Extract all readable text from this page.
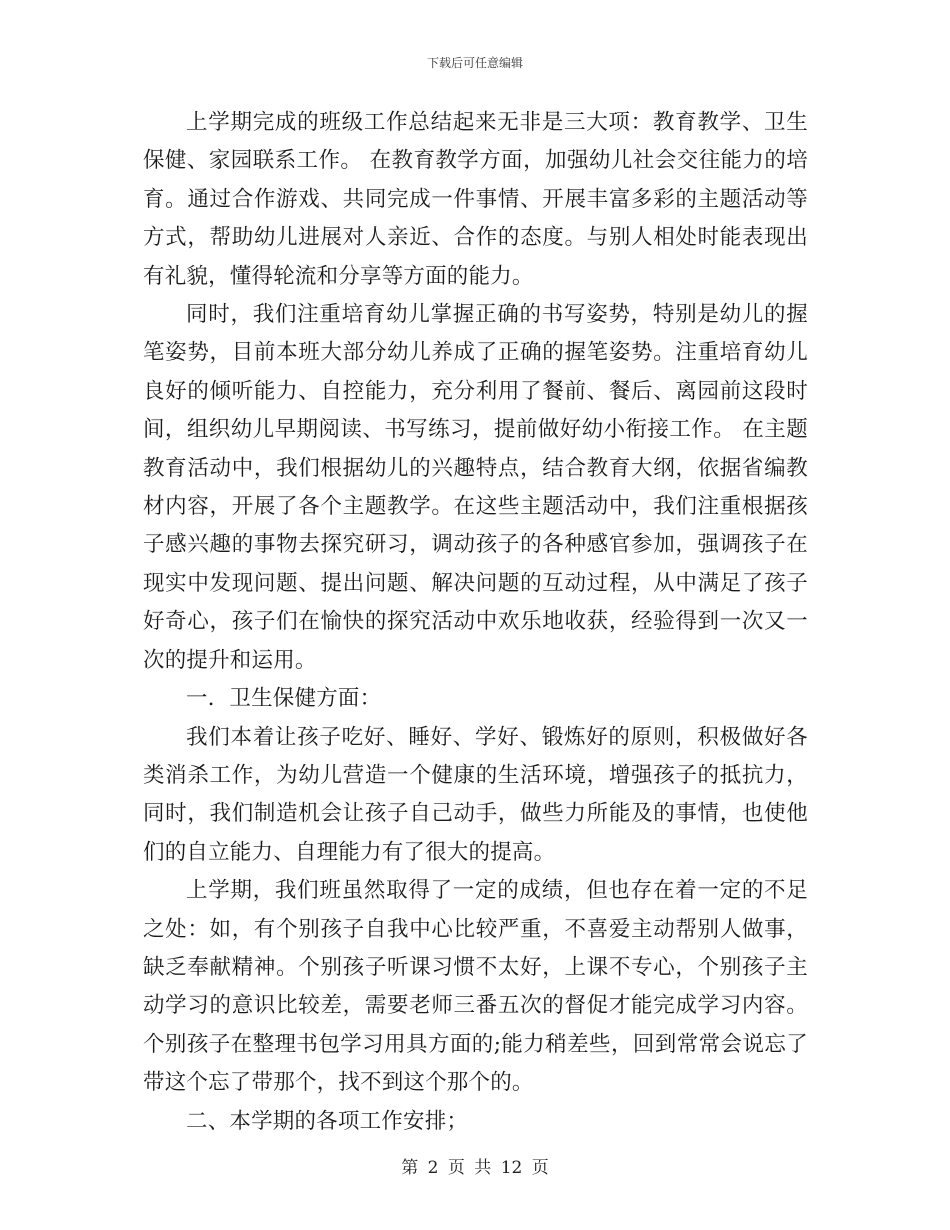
下载后可任意编辑

上学期完成的班级工作总结起来无非是三大项：教育教学、卫生保健、家园联系工作。 在教育教学方面，加强幼儿社会交往能力的培育。通过合作游戏、共同完成一件事情、开展丰富多彩的主题活动等方式，帮助幼儿进展对人亲近、合作的态度。与别人相处时能表现出有礼貌，懂得轮流和分享等方面的能力。

同时，我们注重培育幼儿掌握正确的书写姿势，特别是幼儿的握笔姿势，目前本班大部分幼儿养成了正确的握笔姿势。注重培育幼儿良好的倾听能力、自控能力，充分利用了餐前、餐后、离园前这段时间，组织幼儿早期阅读、书写练习，提前做好幼小衔接工作。 在主题教育活动中，我们根据幼儿的兴趣特点，结合教育大纲，依据省编教材内容，开展了各个主题教学。在这些主题活动中，我们注重根据孩子感兴趣的事物去探究研习，调动孩子的各种感官参加，强调孩子在现实中发现问题、提出问题、解决问题的互动过程，从中满足了孩子好奇心，孩子们在愉快的探究活动中欢乐地收获，经验得到一次又一次的提升和运用。

一．卫生保健方面：

我们本着让孩子吃好、睡好、学好、锻炼好的原则，积极做好各类消杀工作，为幼儿营造一个健康的生活环境，增强孩子的抵抗力，同时，我们制造机会让孩子自己动手，做些力所能及的事情，也使他们的自立能力、自理能力有了很大的提高。

上学期，我们班虽然取得了一定的成绩，但也存在着一定的不足之处：如，有个别孩子自我中心比较严重，不喜爱主动帮别人做事，缺乏奉献精神。个别孩子听课习惯不太好，上课不专心，个别孩子主动学习的意识比较差，需要老师三番五次的督促才能完成学习内容。个别孩子在整理书包学习用具方面的;能力稍差些，回到常常会说忘了带这个忘了带那个，找不到这个那个的。

二、本学期的各项工作安排；

第 2 页 共 12 页
